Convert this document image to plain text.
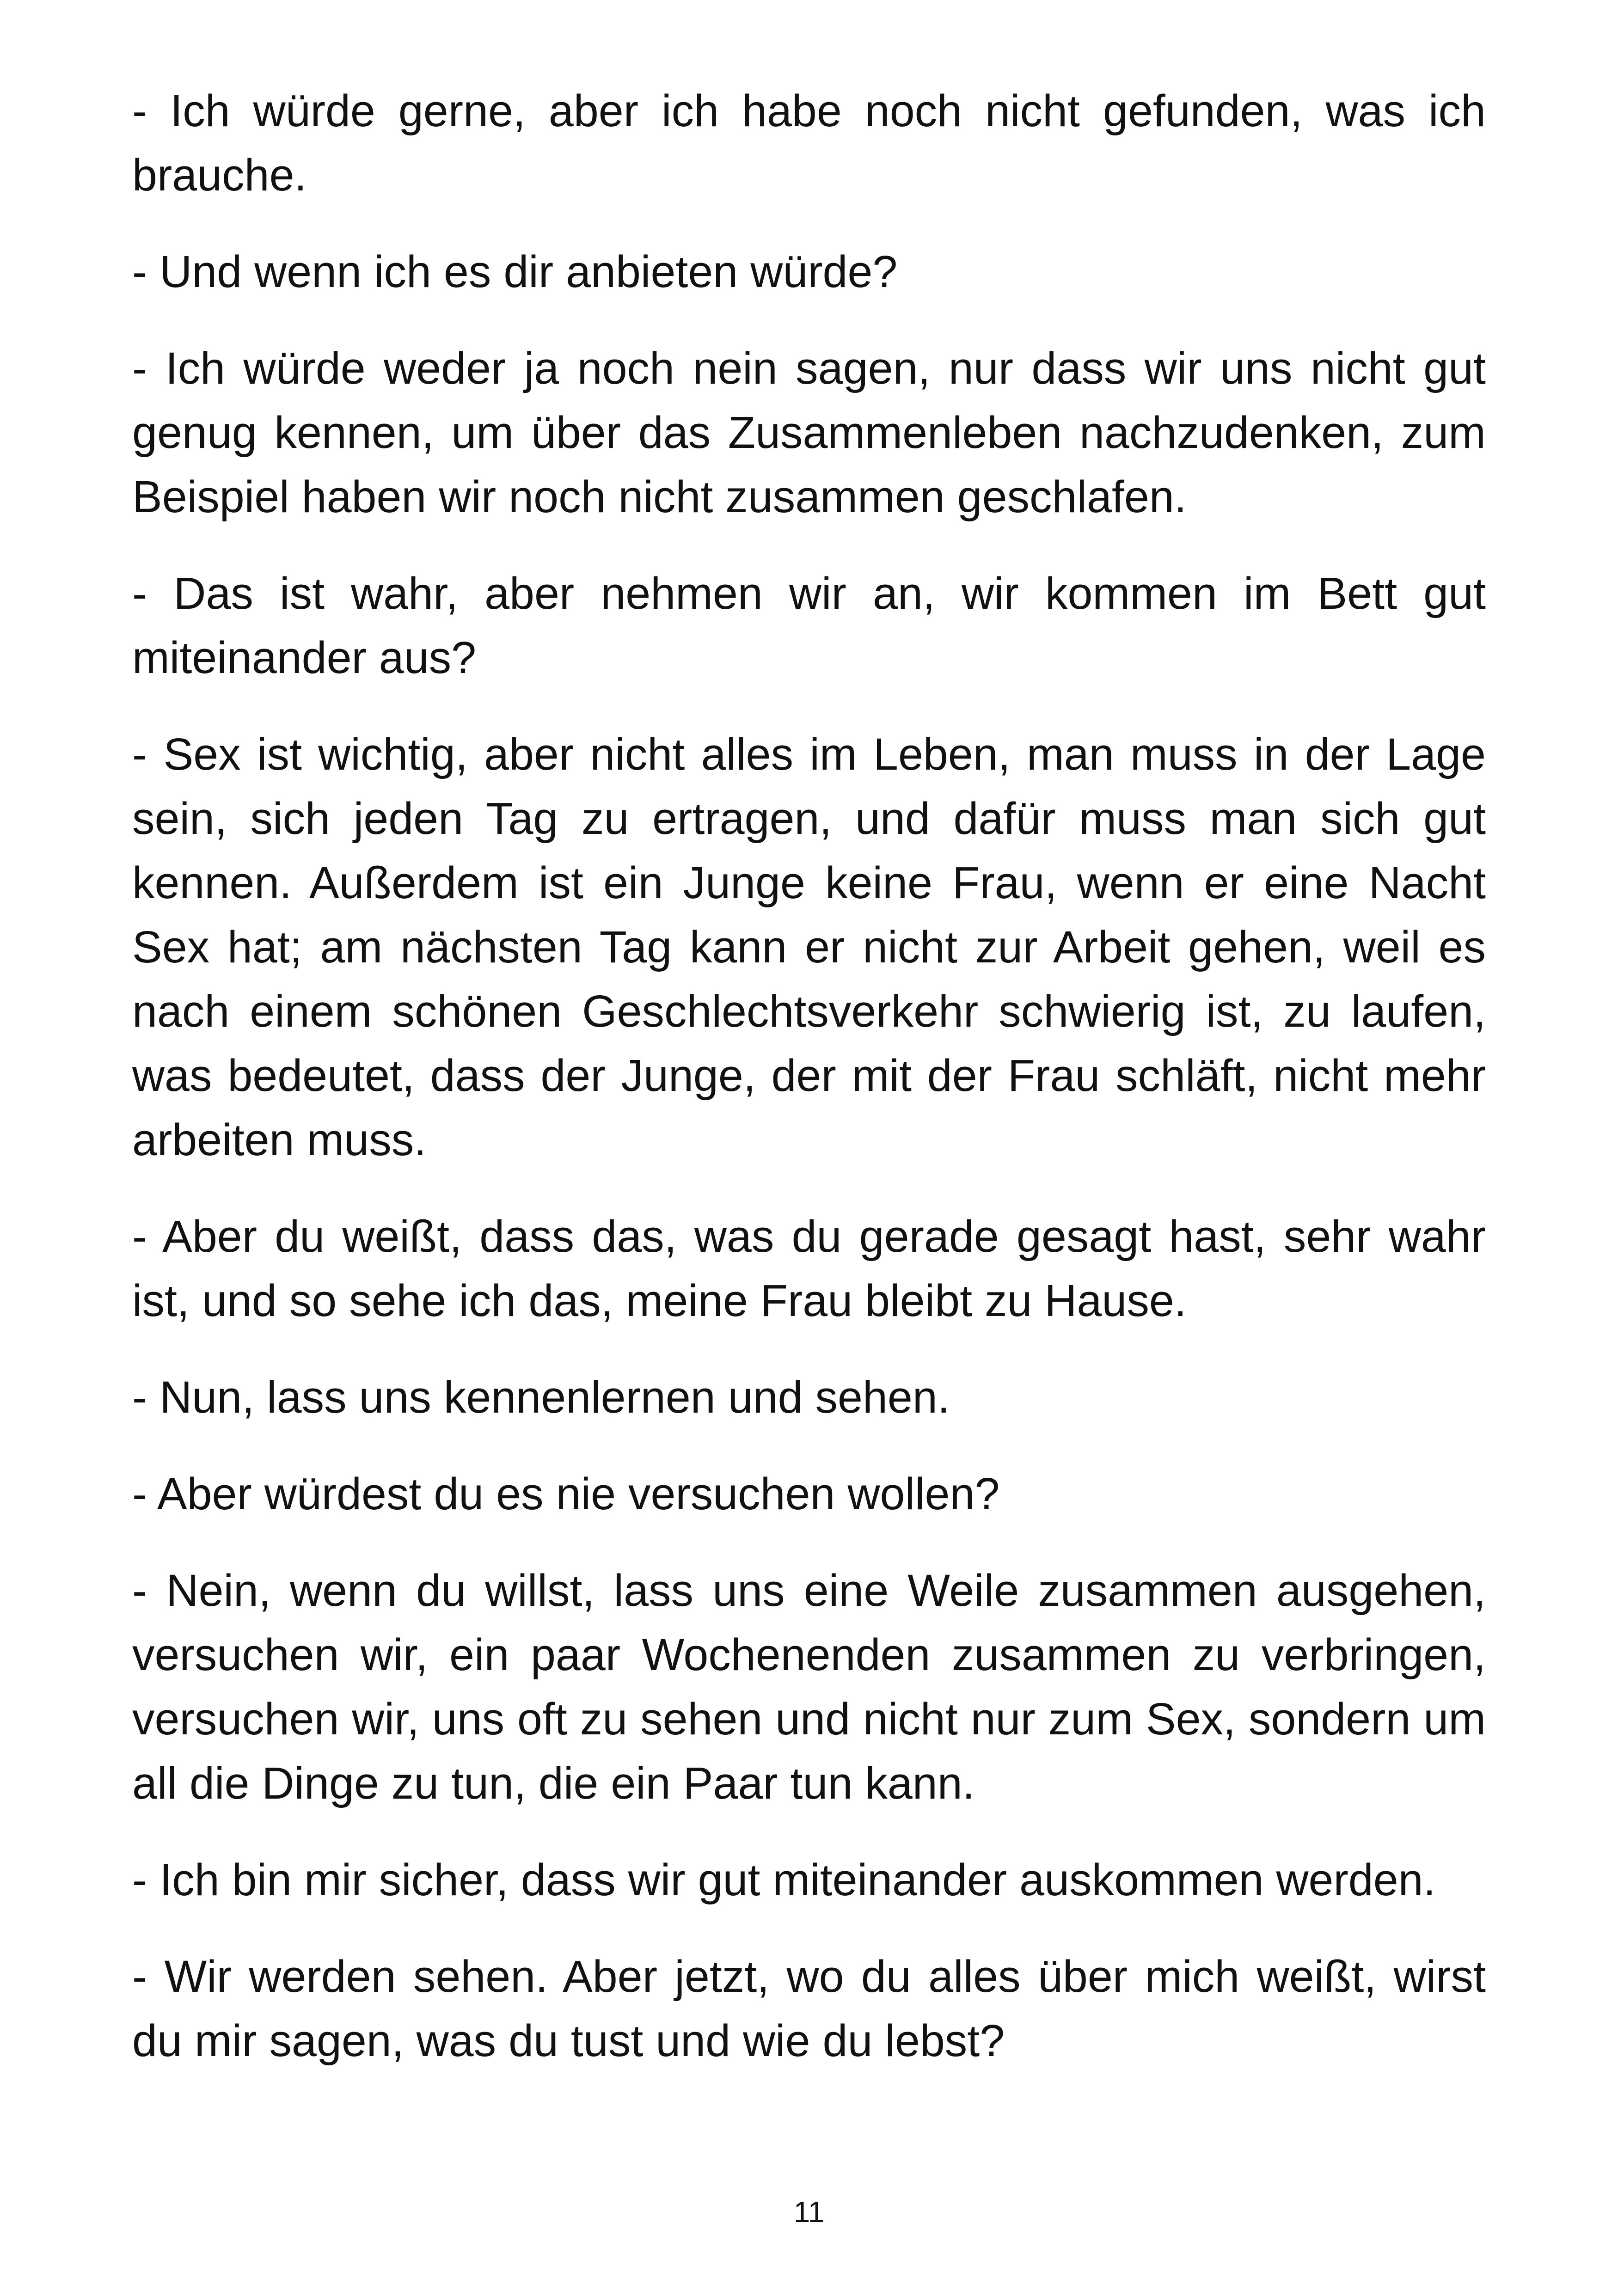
- Ich würde gerne, aber ich habe noch nicht gefunden, was ich brauche.

- Und wenn ich es dir anbieten würde?

- Ich würde weder ja noch nein sagen, nur dass wir uns nicht gut genug kennen, um über das Zusammenleben nachzudenken, zum Beispiel haben wir noch nicht zusammen geschlafen.

- Das ist wahr, aber nehmen wir an, wir kommen im Bett gut miteinander aus?

- Sex ist wichtig, aber nicht alles im Leben, man muss in der Lage sein, sich jeden Tag zu ertragen, und dafür muss man sich gut kennen. Außerdem ist ein Junge keine Frau, wenn er eine Nacht Sex hat; am nächsten Tag kann er nicht zur Arbeit gehen, weil es nach einem schönen Geschlechtsverkehr schwierig ist, zu laufen, was bedeutet, dass der Junge, der mit der Frau schläft, nicht mehr arbeiten muss.

- Aber du weißt, dass das, was du gerade gesagt hast, sehr wahr ist, und so sehe ich das, meine Frau bleibt zu Hause.

- Nun, lass uns kennenlernen und sehen.

- Aber würdest du es nie versuchen wollen?

- Nein, wenn du willst, lass uns eine Weile zusammen ausgehen, versuchen wir, ein paar Wochenenden zusammen zu verbringen, versuchen wir, uns oft zu sehen und nicht nur zum Sex, sondern um all die Dinge zu tun, die ein Paar tun kann.

- Ich bin mir sicher, dass wir gut miteinander auskommen werden.

- Wir werden sehen. Aber jetzt, wo du alles über mich weißt, wirst du mir sagen, was du tust und wie du lebst?

11
